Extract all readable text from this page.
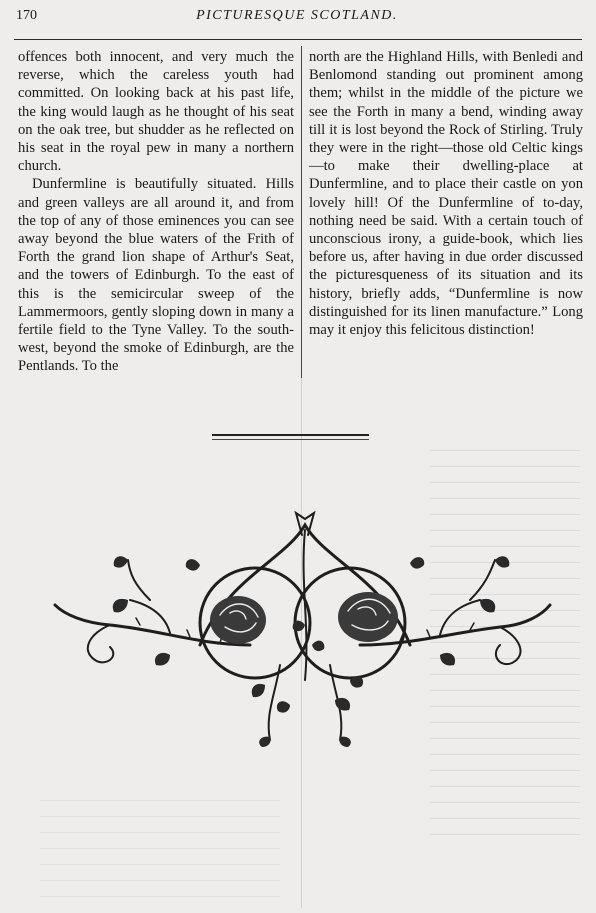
170	PICTURESQUE SCOTLAND.

offences both innocent, and very much the reverse, which the careless youth had committed. On looking back at his past life, the king would laugh as he thought of his seat on the oak tree, but shudder as he reflected on his seat in the royal pew in many a northern church.

Dunfermline is beautifully situated. Hills and green valleys are all around it, and from the top of any of those eminences you can see away beyond the blue waters of the Frith of Forth the grand lion shape of Arthur's Seat, and the towers of Edinburgh. To the east of this is the semicircular sweep of the Lammermoors, gently sloping down in many a fertile field to the Tyne Valley. To the south-west, beyond the smoke of Edinburgh, are the Pentlands. To the

north are the Highland Hills, with Benledi and Benlomond standing out prominent among them; whilst in the middle of the picture we see the Forth in many a bend, winding away till it is lost beyond the Rock of Stirling. Truly they were in the right—those old Celtic kings—to make their dwelling-place at Dunfermline, and to place their castle on yon lovely hill! Of the Dunfermline of to-day, nothing need be said. With a certain touch of unconscious irony, a guide-book, which lies before us, after having in due order discussed the picturesqueness of its situation and its history, briefly adds, “Dunfermline is now distinguished for its linen manufacture.” Long may it enjoy this felicitous distinction!
